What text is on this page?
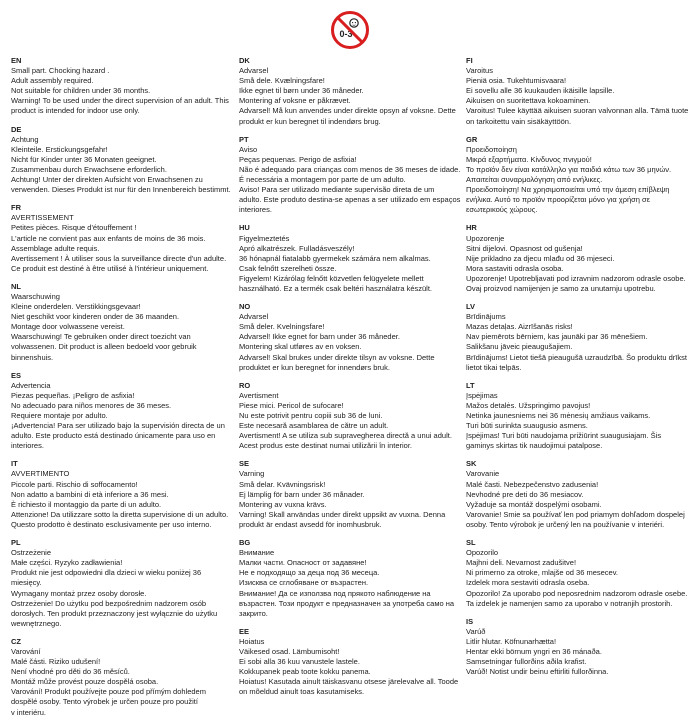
0-3
EN
Small part. Chocking hazard .
Adult assembly required.
Not suitable for children under 36 months.
Warning! To be used under the direct supervision of an adult. This
product is intended for indoor use only.
DE
Achtung
Kleinteile. Erstickungsgefahr!
Nicht für Kinder unter 36 Monaten geeignet.
Zusammenbau durch Erwachsene erforderlich.
Achtung! Unter der direkten Aufsicht von Erwachsenen zu
verwenden. Dieses Produkt ist nur für den Innenbereich bestimmt.
FR
AVERTISSEMENT
Petites pièces. Risque d'étouffement !
L'article ne convient pas aux enfants de moins de 36 mois.
Assemblage adulte requis.
Avertissement ! À utiliser sous la surveillance directe d'un adulte.
Ce produit est destiné à être utilisé à l'intérieur uniquement.
NL
Waarschuwing
Kleine onderdelen. Verstikkingsgevaar!
Niet geschikt voor kinderen onder de 36 maanden.
Montage door volwassene vereist.
Waarschuwing! Te gebruiken onder direct toezicht van
volwassenen. Dit product is alleen bedoeld voor gebruik
binnenshuis.
ES
Advertencia
Piezas pequeñas. ¡Peligro de asfixia!
No adecuado para niños menores de 36 meses.
Requiere montaje por adulto.
¡Advertencia! Para ser utilizado bajo la supervisión directa de un
adulto. Este producto está destinado únicamente para uso en
interiores.
IT
AVVERTIMENTO
Piccole parti. Rischio di soffocamento!
Non adatto a bambini di età inferiore a 36 mesi.
È richiesto il montaggio da parte di un adulto.
Attenzione! Da utilizzare sotto la diretta supervisione di un adulto.
Questo prodotto è destinato esclusivamente per uso interno.
PL
Ostrzeżenie
Małe części. Ryzyko zadławienia!
Produkt nie jest odpowiedni dla dzieci w wieku poniżej 36
miesięcy.
Wymagany montaż przez osoby dorosłe.
Ostrzeżenie! Do użytku pod bezpośrednim nadzorem osób
dorosłych. Ten produkt przeznaczony jest wyłącznie do użytku
wewnętrznego.
CZ
Varování
Malé části. Riziko udušení!
Není vhodné pro děti do 36 měsíců.
Montáž může provést pouze dospělá osoba.
Varování! Produkt používejte pouze pod přímým dohledem
dospělé osoby. Tento výrobek je určen pouze pro použití
v interiéru.
DK
Advarsel
Små dele. Kvælningsfare!
Ikke egnet til børn under 36 måneder.
Montering af voksne er påkrævet.
Advarsel! Må kun anvendes under direkte opsyn af voksne. Dette
produkt er kun beregnet til indendørs brug.
PT
Aviso
Peças pequenas. Perigo de asfixia!
Não é adequado para crianças com menos de 36 meses de idade.
É necessária a montagem por parte de um adulto.
Aviso! Para ser utilizado mediante supervisão direta de um
adulto. Este produto destina-se apenas a ser utilizado em espaços
interiores.
HU
Figyelmeztetés
Apró alkatrészek. Fulladásveszély!
36 hónapnál fiatalabb gyermekek számára nem alkalmas.
Csak felnőtt szerelheti össze.
Figyelem! Kizárólag felnőtt közvetlen felügyelete mellett
használható. Ez a termék csak beltéri használatra készült.
NO
Advarsel
Små deler. Kvelningsfare!
Advarsel! Ikke egnet for barn under 36 måneder.
Montering skal utføres av en voksen.
Advarsel! Skal brukes under direkte tilsyn av voksne. Dette
produktet er kun beregnet for innendørs bruk.
RO
Avertisment
Piese mici. Pericol de sufocare!
Nu este potrivit pentru copiii sub 36 de luni.
Este necesară asamblarea de către un adult.
Avertisment! A se utiliza sub supravegherea directă a unui adult.
Acest produs este destinat numai utilizării în interior.
SE
Varning
Små delar. Kvävningsrisk!
Ej lämplig för barn under 36 månader.
Montering av vuxna krävs.
Varning! Skall användas under direkt uppsikt av vuxna. Denna
produkt är endast avsedd för inomhusbruk.
BG
Внимание
Малки части. Опасност от задавяне!
Не е подходящо за деца под 36 месеца.
Изисква се сглобяване от възрастен.
Внимание! Да се използва под прякото наблюдение на
възрастен. Този продукт е предназначен за употреба само на
закрито.
EE
Hoiatus
Väikesed osad. Lämbumisoht!
Ei sobi alla 36 kuu vanustele lastele.
Kokkupanek peab toote kokku panema.
Hoiatus! Kasutada ainult täiskasvanu otsese järelevalve all. Toode
on mõeldud ainult toas kasutamiseks.
FI
Varoitus
Pieniä osia. Tukehtumisvaara!
Ei sovellu alle 36 kuukauden ikäisille lapsille.
Aikuisen on suoritettava kokoaminen.
Varoitus! Tulee käyttää aikuisen suoran valvonnan alla. Tämä tuote
on tarkoitettu vain sisäkäyttöön.
GR
Προειδοποίηση
Μικρά εξαρτήματα. Κίνδυνος πνιγμού!
Το προϊόν δεν είναι κατάλληλο για παιδιά κάτω των 36 μηνών.
Απαιτείται συναρμολόγηση από ενήλικες.
Προειδοποίηση! Να χρησιμοποιείται υπό την άμεση επίβλεψη
ενήλικα. Αυτό το προϊόν προορίζεται μόνο για χρήση σε
εσωτερικούς χώρους.
HR
Upozorenje
Sitni dijelovi. Opasnost od gušenja!
Nije prikladno za djecu mlađu od 36 mjeseci.
Mora sastaviti odrasla osoba.
Upozorenje! Upotrebljavati pod izravnim nadzorom odrasle osobe.
Ovaj proizvod namijenjen je samo za unutarnju upotrebu.
LV
Brīdinājums
Mazas detaļas. Aizrīšanās risks!
Nav piemērots bērniem, kas jaunāki par 36 mēnešiem.
Salikšanu jāveic pieaugušajiem.
Brīdinājums! Lietot tiešā pieaugušā uzraudzībā. Šo produktu drīkst
lietot tikai telpās.
LT
Įspėjimas
Mažos detalės. Užspringimo pavojus!
Netinka jaunesniems nei 36 mėnesių amžiaus vaikams.
Turi būti surinkta suaugusio asmens.
Įspėjimas! Turi būti naudojama prižiūrint suaugusiajam. Šis
gaminys skirtas tik naudojimui patalpose.
SK
Varovanie
Malé časti. Nebezpečenstvo zadusenia!
Nevhodné pre deti do 36 mesiacov.
Vyžaduje sa montáž dospelými osobami.
Varovanie! Smie sa používať len pod priamym dohľadom dospelej
osoby. Tento výrobok je určený len na používanie v interiéri.
SL
Opozorilo
Majhni deli. Nevarnost zadušitve!
Ni primerno za otroke, mlajše od 36 mesecev.
Izdelek mora sestaviti odrasla oseba.
Opozorilo! Za uporabo pod neposrednim nadzorom odrasle osebe.
Ta izdelek je namenjen samo za uporabo v notranjih prostorih.
IS
Varúð
Litlir hlutar. Köfnunarhætta!
Hentar ekki börnum yngri en 36 mánaða.
Samsetningar fullorðins aðila krafist.
Varúð! Notist undir beinu eftirliti fullorðinna.
